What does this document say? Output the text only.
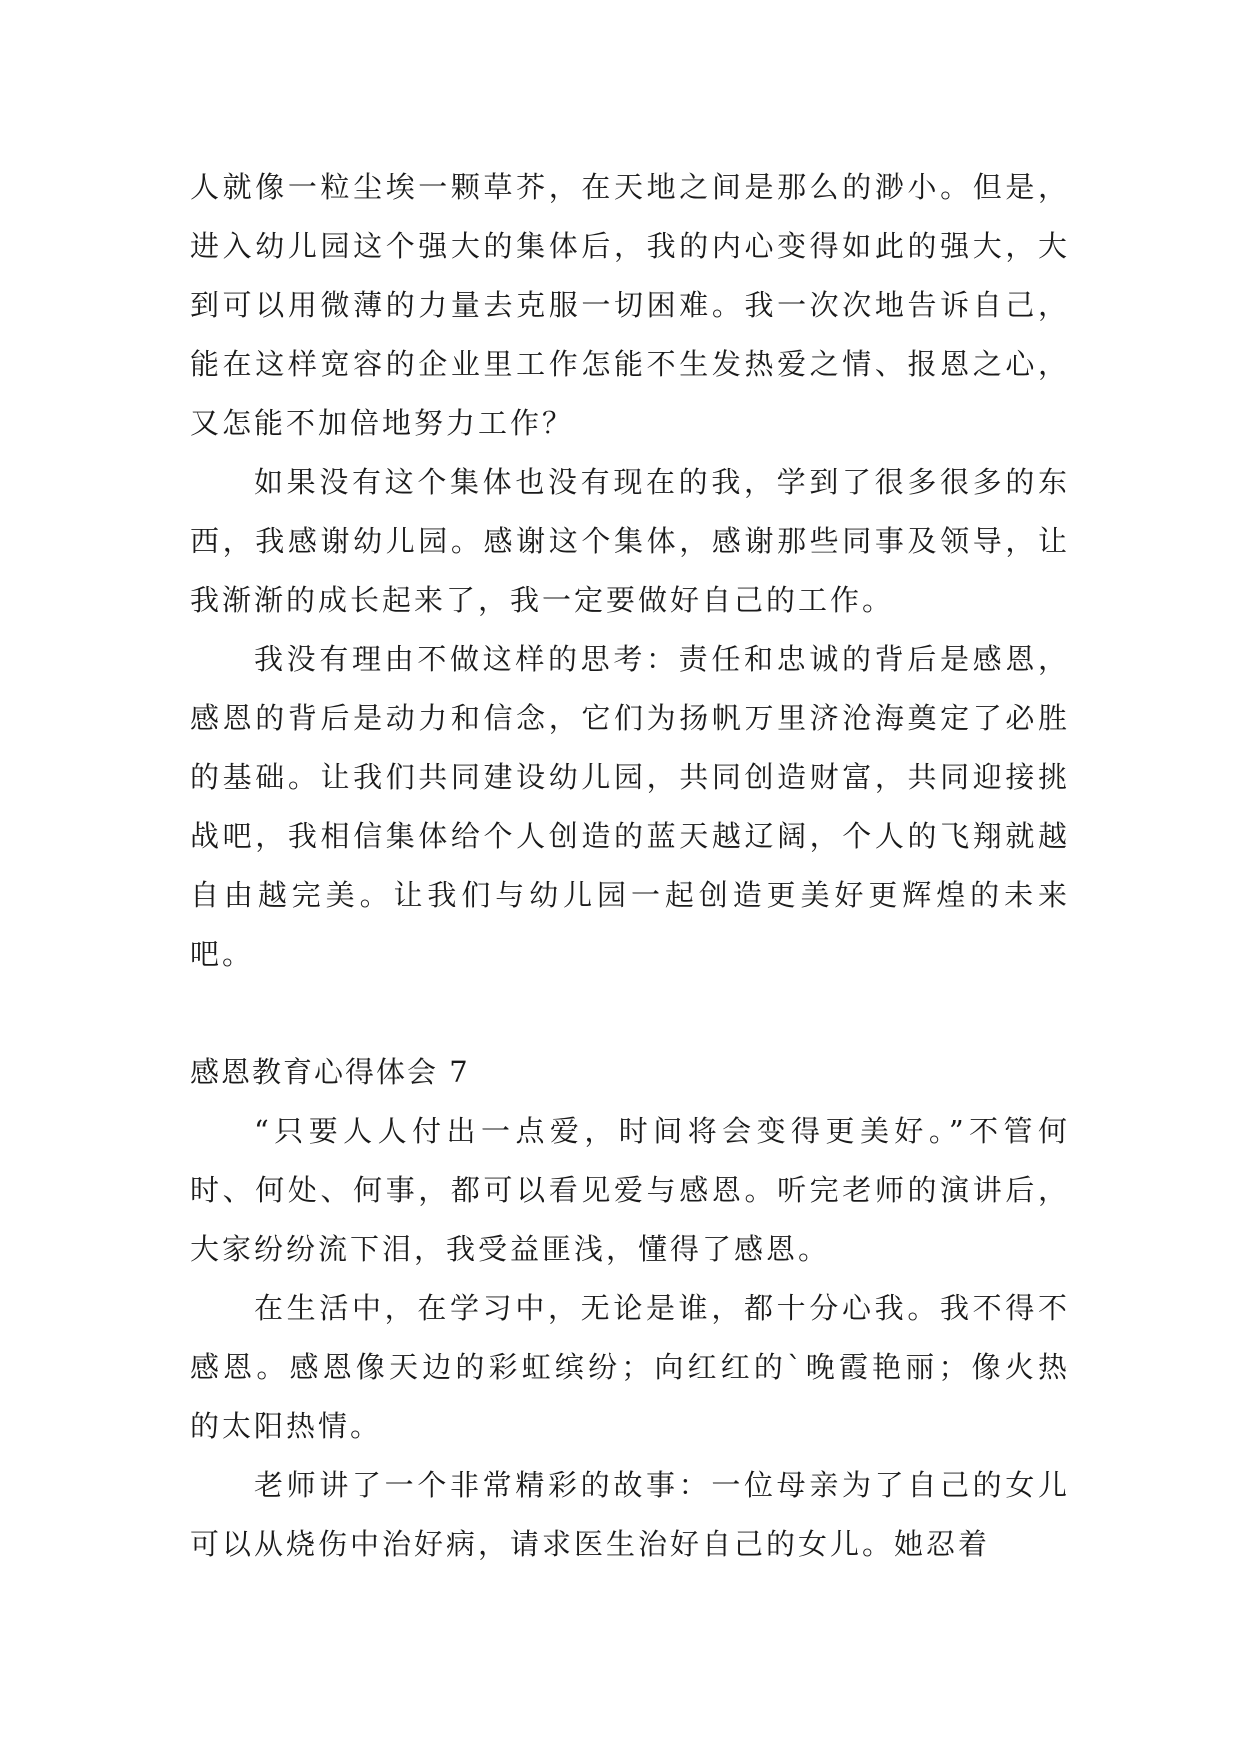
人就像一粒尘埃一颗草芥，在天地之间是那么的渺小。但是，进入幼儿园这个强大的集体后，我的内心变得如此的强大，大到可以用微薄的力量去克服一切困难。我一次次地告诉自己，能在这样宽容的企业里工作怎能不生发热爱之情、报恩之心，又怎能不加倍地努力工作？

如果没有这个集体也没有现在的我，学到了很多很多的东西，我感谢幼儿园。感谢这个集体，感谢那些同事及领导，让我渐渐的成长起来了，我一定要做好自己的工作。

我没有理由不做这样的思考：责任和忠诚的背后是感恩，感恩的背后是动力和信念，它们为扬帆万里济沧海奠定了必胜的基础。让我们共同建设幼儿园，共同创造财富，共同迎接挑战吧，我相信集体给个人创造的蓝天越辽阔，个人的飞翔就越自由越完美。让我们与幼儿园一起创造更美好更辉煌的未来吧。

感恩教育心得体会 7

“只要人人付出一点爱，时间将会变得更美好。”不管何时、何处、何事，都可以看见爱与感恩。听完老师的演讲后，大家纷纷流下泪，我受益匪浅，懂得了感恩。

在生活中，在学习中，无论是谁，都十分心我。我不得不感恩。感恩像天边的彩虹缤纷；向红红的`晚霞艳丽；像火热的太阳热情。

老师讲了一个非常精彩的故事：一位母亲为了自己的女儿可以从烧伤中治好病，请求医生治好自己的女儿。她忍着
